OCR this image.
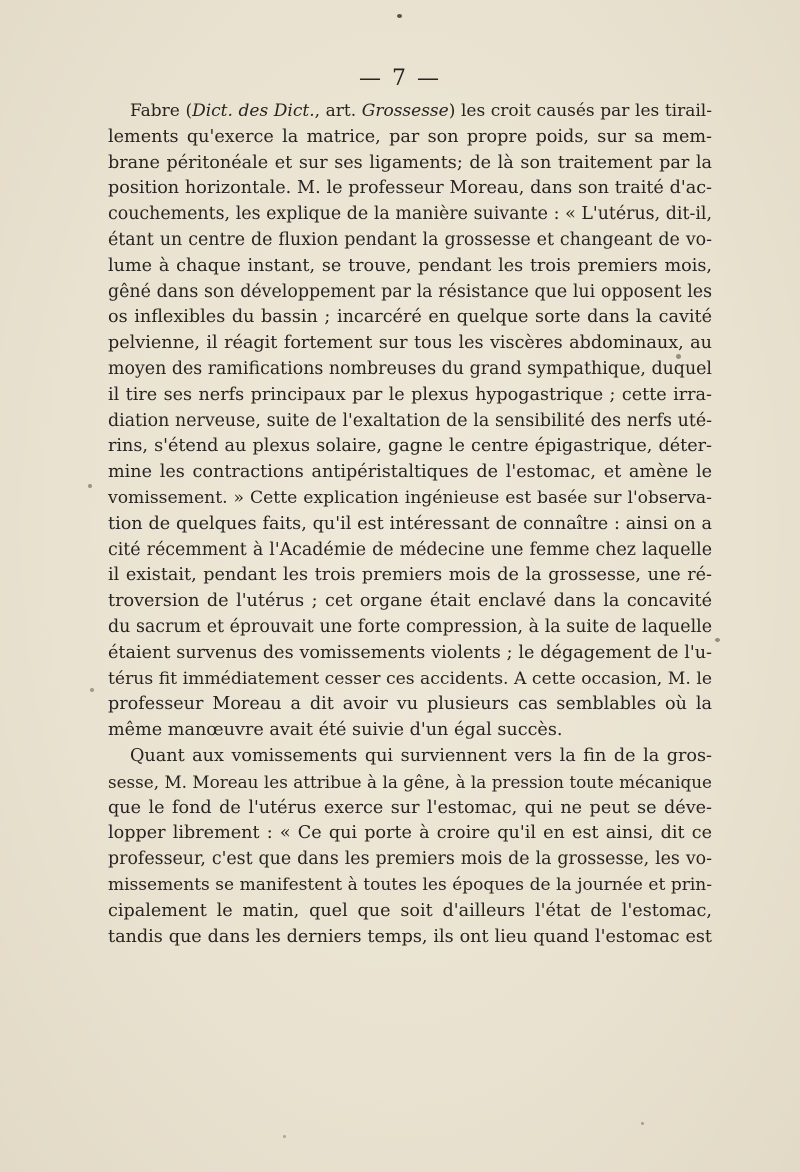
— 7 —
Fabre (Dict. des Dict., art. Grossesse) les croit causés par les tirail-
lements qu'exerce la matrice, par son propre poids, sur sa mem-
brane péritonéale et sur ses ligaments; de là son traitement par la
position horizontale. M. le professeur Moreau, dans son traité d'ac-
couchements, les explique de la manière suivante : « L'utérus, dit-il,
étant un centre de fluxion pendant la grossesse et changeant de vo-
lume à chaque instant, se trouve, pendant les trois premiers mois,
gêné dans son développement par la résistance que lui opposent les
os inflexibles du bassin ; incarcéré en quelque sorte dans la cavité
pelvienne, il réagit fortement sur tous les viscères abdominaux, au
moyen des ramifications nombreuses du grand sympathique, duquel
il tire ses nerfs principaux par le plexus hypogastrique ; cette irra-
diation nerveuse, suite de l'exaltation de la sensibilité des nerfs uté-
rins, s'étend au plexus solaire, gagne le centre épigastrique, déter-
mine les contractions antipéristaltiques de l'estomac, et amène le
vomissement. » Cette explication ingénieuse est basée sur l'observa-
tion de quelques faits, qu'il est intéressant de connaître : ainsi on a
cité récemment à l'Académie de médecine une femme chez laquelle
il existait, pendant les trois premiers mois de la grossesse, une ré-
troversion de l'utérus ; cet organe était enclavé dans la concavité
du sacrum et éprouvait une forte compression, à la suite de laquelle
étaient survenus des vomissements violents ; le dégagement de l'u-
térus fit immédiatement cesser ces accidents. A cette occasion, M. le
professeur Moreau a dit avoir vu plusieurs cas semblables où la
même manœuvre avait été suivie d'un égal succès.
Quant aux vomissements qui surviennent vers la fin de la gros-
sesse, M. Moreau les attribue à la gêne, à la pression toute mécanique
que le fond de l'utérus exerce sur l'estomac, qui ne peut se déve-
lopper librement : « Ce qui porte à croire qu'il en est ainsi, dit ce
professeur, c'est que dans les premiers mois de la grossesse, les vo-
missements se manifestent à toutes les époques de la journée et prin-
cipalement le matin, quel que soit d'ailleurs l'état de l'estomac,
tandis que dans les derniers temps, ils ont lieu quand l'estomac est
